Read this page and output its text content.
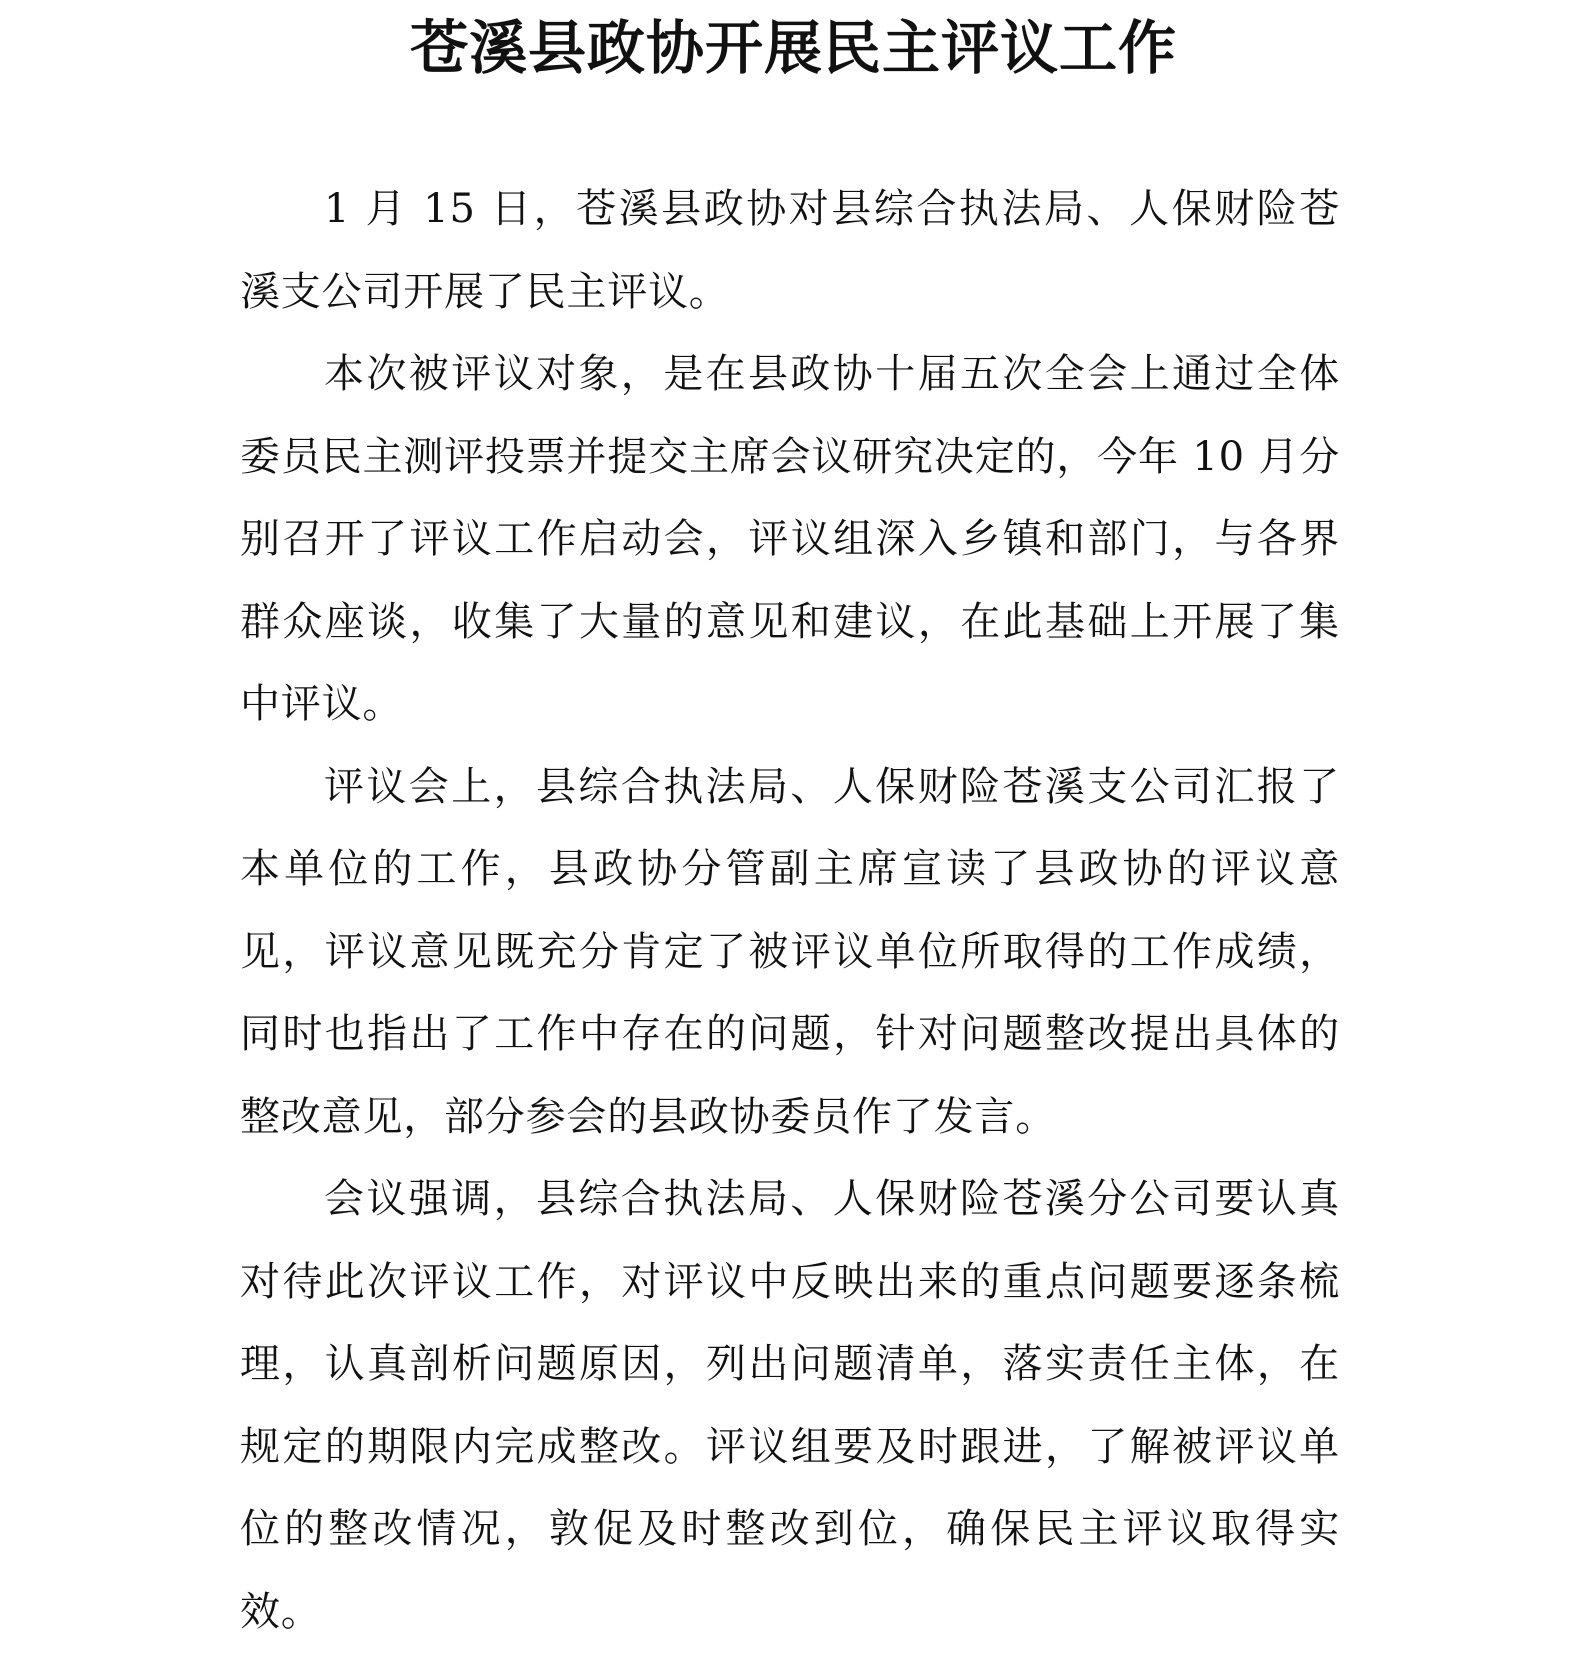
苍溪县政协开展民主评议工作

1 月 15 日，苍溪县政协对县综合执法局、人保财险苍溪支公司开展了民主评议。

本次被评议对象，是在县政协十届五次全会上通过全体委员民主测评投票并提交主席会议研究决定的，今年 10 月分别召开了评议工作启动会，评议组深入乡镇和部门，与各界群众座谈，收集了大量的意见和建议，在此基础上开展了集中评议。

评议会上，县综合执法局、人保财险苍溪支公司汇报了本单位的工作，县政协分管副主席宣读了县政协的评议意见，评议意见既充分肯定了被评议单位所取得的工作成绩，同时也指出了工作中存在的问题，针对问题整改提出具体的整改意见，部分参会的县政协委员作了发言。

会议强调，县综合执法局、人保财险苍溪分公司要认真对待此次评议工作，对评议中反映出来的重点问题要逐条梳理，认真剖析问题原因，列出问题清单，落实责任主体，在规定的期限内完成整改。评议组要及时跟进，了解被评议单位的整改情况，敦促及时整改到位，确保民主评议取得实效。
